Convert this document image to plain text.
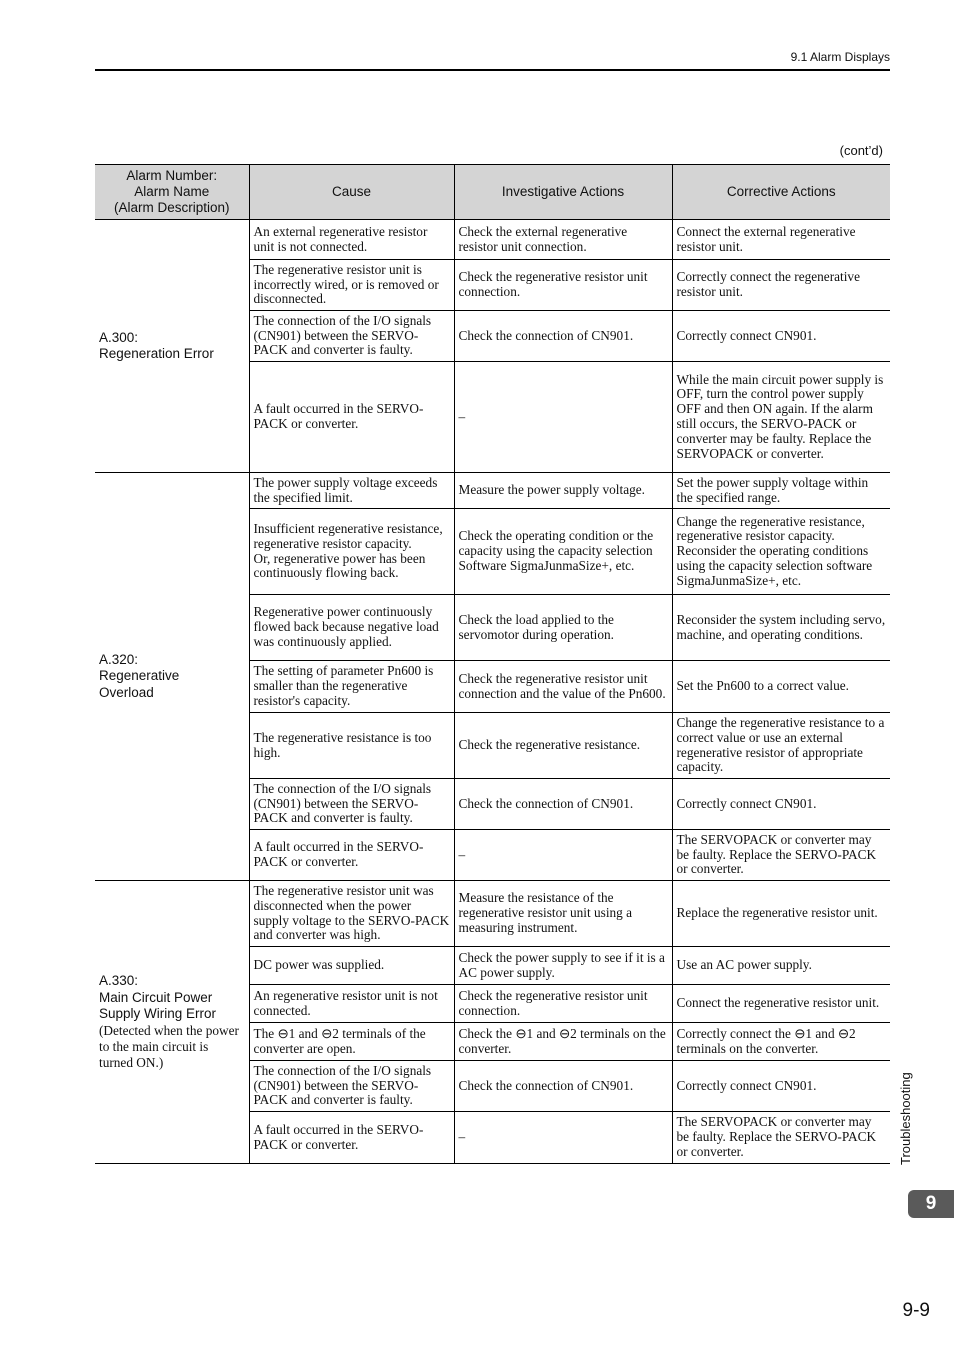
9.1 Alarm Displays
(cont’d)
Alarm Number:
Alarm Name
(Alarm Description)	Cause	Investigative Actions	Corrective Actions

A.300:
Regeneration Error	An external regenerative resistor unit is not connected.	Check the external regenerative resistor unit connection.	Connect the external regenerative resistor unit.
	The regenerative resistor unit is incorrectly wired, or is removed or disconnected.	Check the regenerative resistor unit connection.	Correctly connect the regenerative resistor unit.
	The connection of the I/O signals (CN901) between the SERVO-PACK and converter is faulty.	Check the connection of CN901.	Correctly connect CN901.
	A fault occurred in the SERVO-PACK or converter.	–	While the main circuit power supply is OFF, turn the control power supply OFF and then ON again. If the alarm still occurs, the SERVO-PACK or converter may be faulty. Replace the SERVOPACK or converter.

A.320:
Regenerative
Overload	The power supply voltage exceeds the specified limit.	Measure the power supply voltage.	Set the power supply voltage within the specified range.
	Insufficient regenerative resistance, regenerative resistor capacity.
Or, regenerative power has been continuously flowing back.	Check the operating condition or the capacity using the capacity selection Software SigmaJunmaSize+, etc.	Change the regenerative resistance, regenerative resistor capacity. Reconsider the operating conditions using the capacity selection software SigmaJunmaSize+, etc.
	Regenerative power continuously flowed back because negative load was continuously applied.	Check the load applied to the servomotor during operation.	Reconsider the system including servo, machine, and operating conditions.
	The setting of parameter Pn600 is smaller than the regenerative resistor's capacity.	Check the regenerative resistor unit connection and the value of the Pn600.	Set the Pn600 to a correct value.
	The regenerative resistance is too high.	Check the regenerative resistance.	Change the regenerative resistance to a correct value or use an external regenerative resistor of appropriate capacity.
	The connection of the I/O signals (CN901) between the SERVO-PACK and converter is faulty.	Check the connection of CN901.	Correctly connect CN901.
	A fault occurred in the SERVO-PACK or converter.	–	The SERVOPACK or converter may be faulty. Replace the SERVO-PACK or converter.

A.330:
Main Circuit Power
Supply Wiring Error
(Detected when the power to the main circuit is turned ON.)	The regenerative resistor unit was disconnected when the power supply voltage to the SERVO-PACK and converter was high.	Measure the resistance of the regenerative resistor unit using a measuring instrument.	Replace the regenerative resistor unit.
	DC power was supplied.	Check the power supply to see if it is a AC power supply.	Use an AC power supply.
	An regenerative resistor unit is not connected.	Check the regenerative resistor unit connection.	Connect the regenerative resistor unit.
	The ⊖1 and ⊖2 terminals of the converter are open.	Check the ⊖1 and ⊖2 terminals on the converter.	Correctly connect the ⊖1 and ⊖2 terminals on the converter.
	The connection of the I/O signals (CN901) between the SERVO-PACK and converter is faulty.	Check the connection of CN901.	Correctly connect CN901.
	A fault occurred in the SERVO-PACK or converter.	–	The SERVOPACK or converter may be faulty. Replace the SERVO-PACK or converter.	Troubleshooting
9
9-9
